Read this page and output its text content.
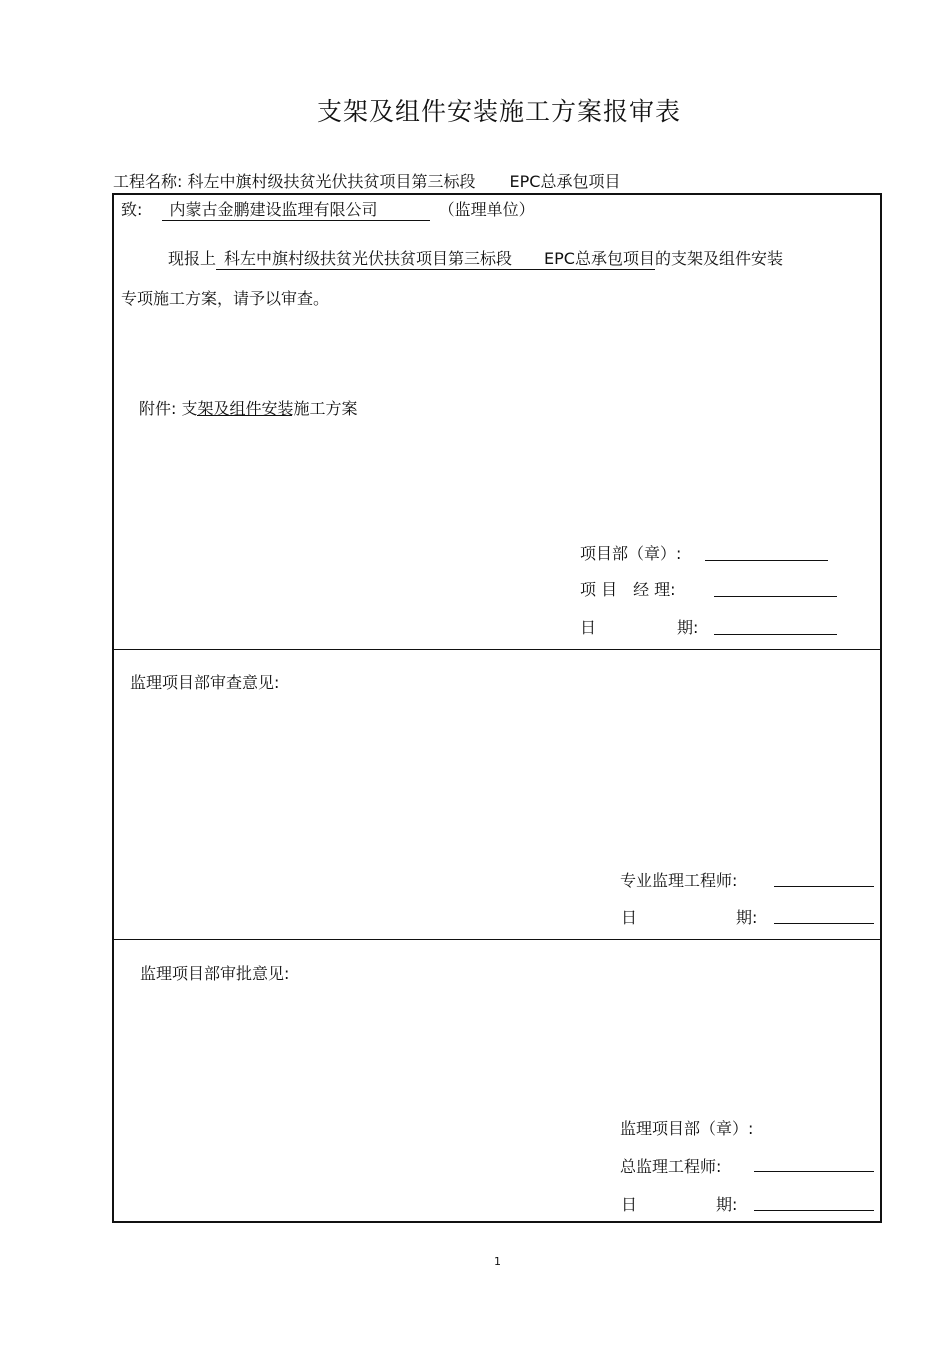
支架及组件安装施工方案报审表
工程名称: 科左中旗村级扶贫光伏扶贫项目第三标段 EPC总承包项目
致: 内蒙古金鹏建设监理有限公司	（监理单位）
现报上 科左中旗村级扶贫光伏扶贫项目第三标段 EPC总承包项目的支架及组件安装
专项施工方案，请予以审查。
附件: 支架及组件安装施工方案
项目部（章）:
项 目　经 理:
日	期:
监理项目部审查意见:
专业监理工程师:
日	期:
监理项目部审批意见:
监理项目部（章）:
总监理工程师:
日	期:
1
